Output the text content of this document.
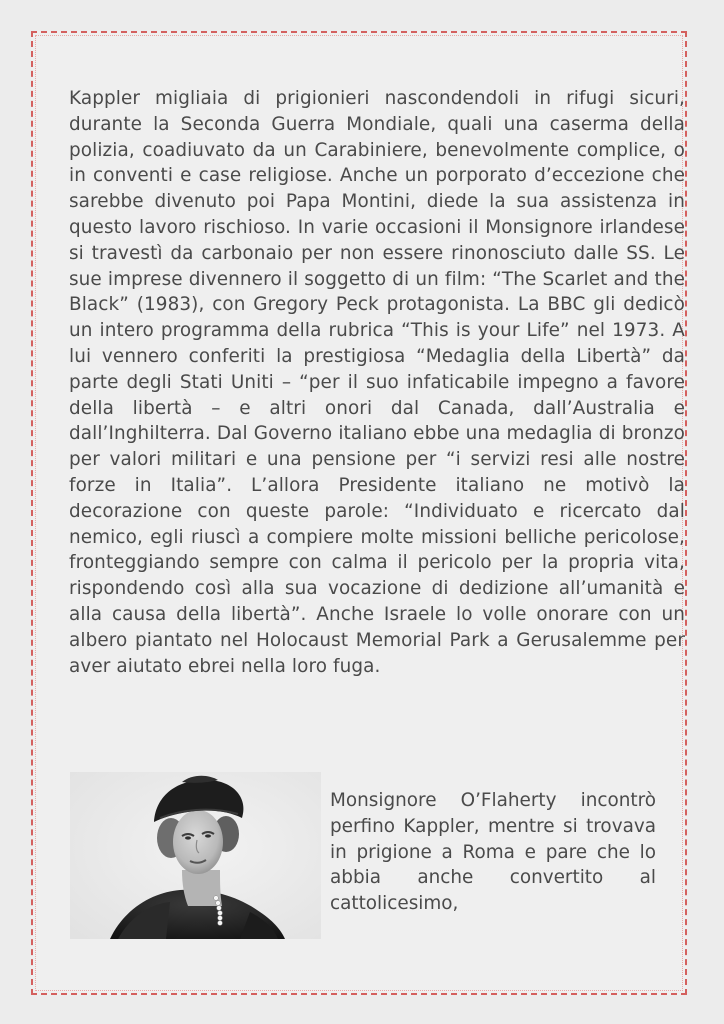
Kappler migliaia di prigionieri nascondendoli in rifugi sicuri, durante la Seconda Guerra Mondiale, quali una caserma della polizia, coadiuvato da un Carabiniere, benevolmente complice, o in conventi e case religiose. Anche un porporato d’eccezione che sarebbe divenuto poi Papa Montini, diede la sua assistenza in questo lavoro rischioso. In varie occasioni il Monsignore irlandese si travestì da carbonaio per non essere rinonosciuto dalle SS. Le sue imprese divennero il soggetto di un film: “The Scarlet and the Black” (1983), con Gregory Peck protagonista. La BBC gli dedicò un intero programma della rubrica “This is your Life” nel 1973. A lui vennero conferiti la prestigiosa “Medaglia della Libertà” da parte degli Stati Uniti – “per il suo infaticabile impegno a favore della libertà – e altri onori dal Canada, dall’Australia e dall’Inghilterra. Dal Governo italiano ebbe una medaglia di bronzo per valori militari e una pensione per “i servizi resi alle nostre forze in Italia”. L’allora Presidente italiano ne motivò la decorazione con queste parole: “Individuato e ricercato dal nemico, egli riuscì a compiere molte missioni belliche pericolose, fronteggiando sempre con calma il pericolo per la propria vita, rispondendo così alla sua vocazione di dedizione all’umanità e alla causa della libertà”. Anche Israele lo volle onorare con un albero piantato nel Holocaust Memorial Park a Gerusalemme per aver aiutato ebrei nella loro fuga.

Monsignore O’Flaherty incontrò perfino Kappler, mentre si trovava in prigione a Roma e pare che lo abbia anche convertito al cattolicesimo,
